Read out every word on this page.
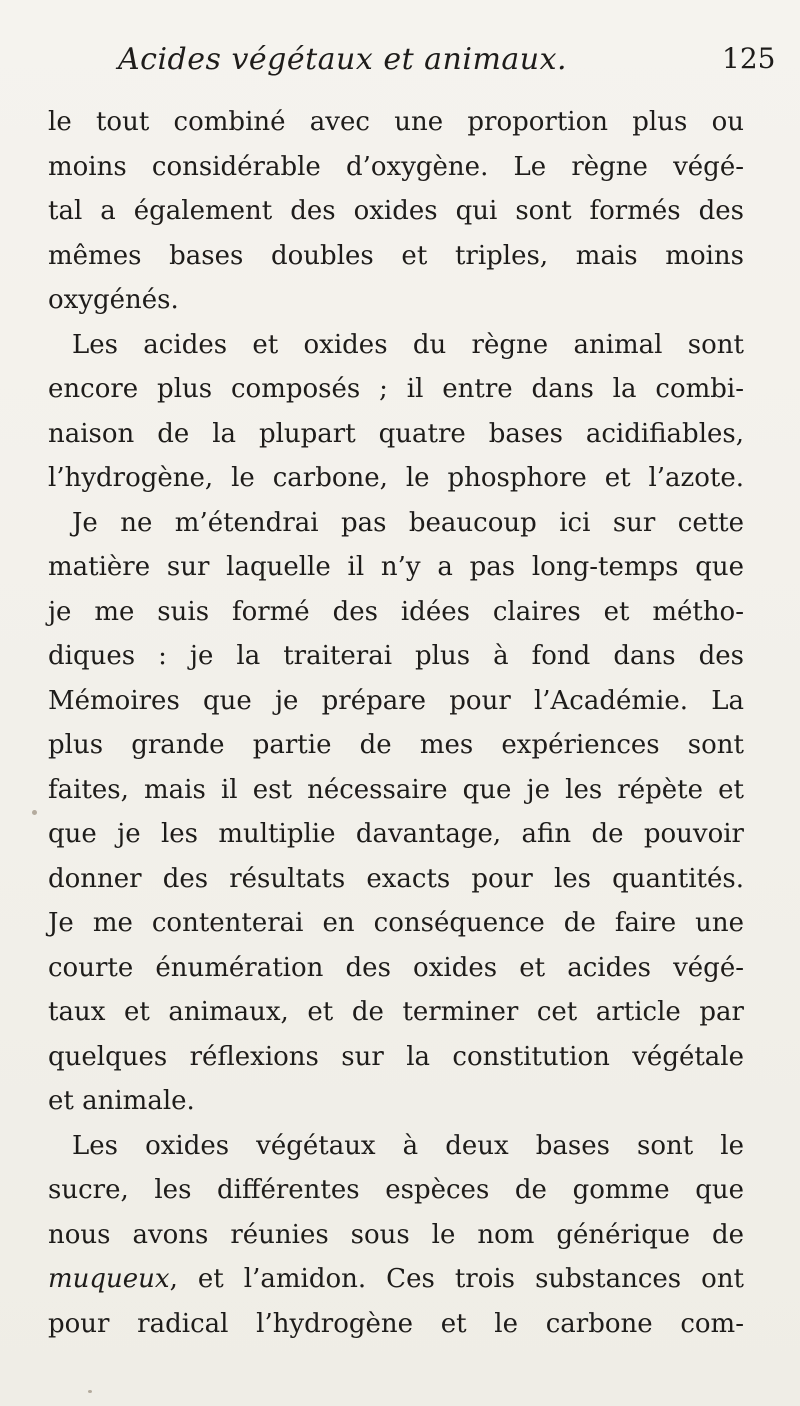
Acides végétaux et animaux.	125
le tout combiné avec une proportion plus ou
moins considérable d’oxygène. Le règne végé-
tal a également des oxides qui sont formés des
mêmes bases doubles et triples, mais moins
oxygénés.
Les acides et oxides du règne animal sont
encore plus composés ; il entre dans la combi-
naison de la plupart quatre bases acidifiables,
l’hydrogène, le carbone, le phosphore et l’azote.
Je ne m’étendrai pas beaucoup ici sur cette
matière sur laquelle il n’y a pas long-temps que
je me suis formé des idées claires et métho-
diques : je la traiterai plus à fond dans des
Mémoires que je prépare pour l’Académie. La
plus grande partie de mes expériences sont
faites, mais il est nécessaire que je les répète et
que je les multiplie davantage, afin de pouvoir
donner des résultats exacts pour les quantités.
Je me contenterai en conséquence de faire une
courte énumération des oxides et acides végé-
taux et animaux, et de terminer cet article par
quelques réflexions sur la constitution végétale
et animale.
Les oxides végétaux à deux bases sont le
sucre, les différentes espèces de gomme que
nous avons réunies sous le nom générique de
muqueux, et l’amidon. Ces trois substances ont
pour radical l’hydrogène et le carbone com-
